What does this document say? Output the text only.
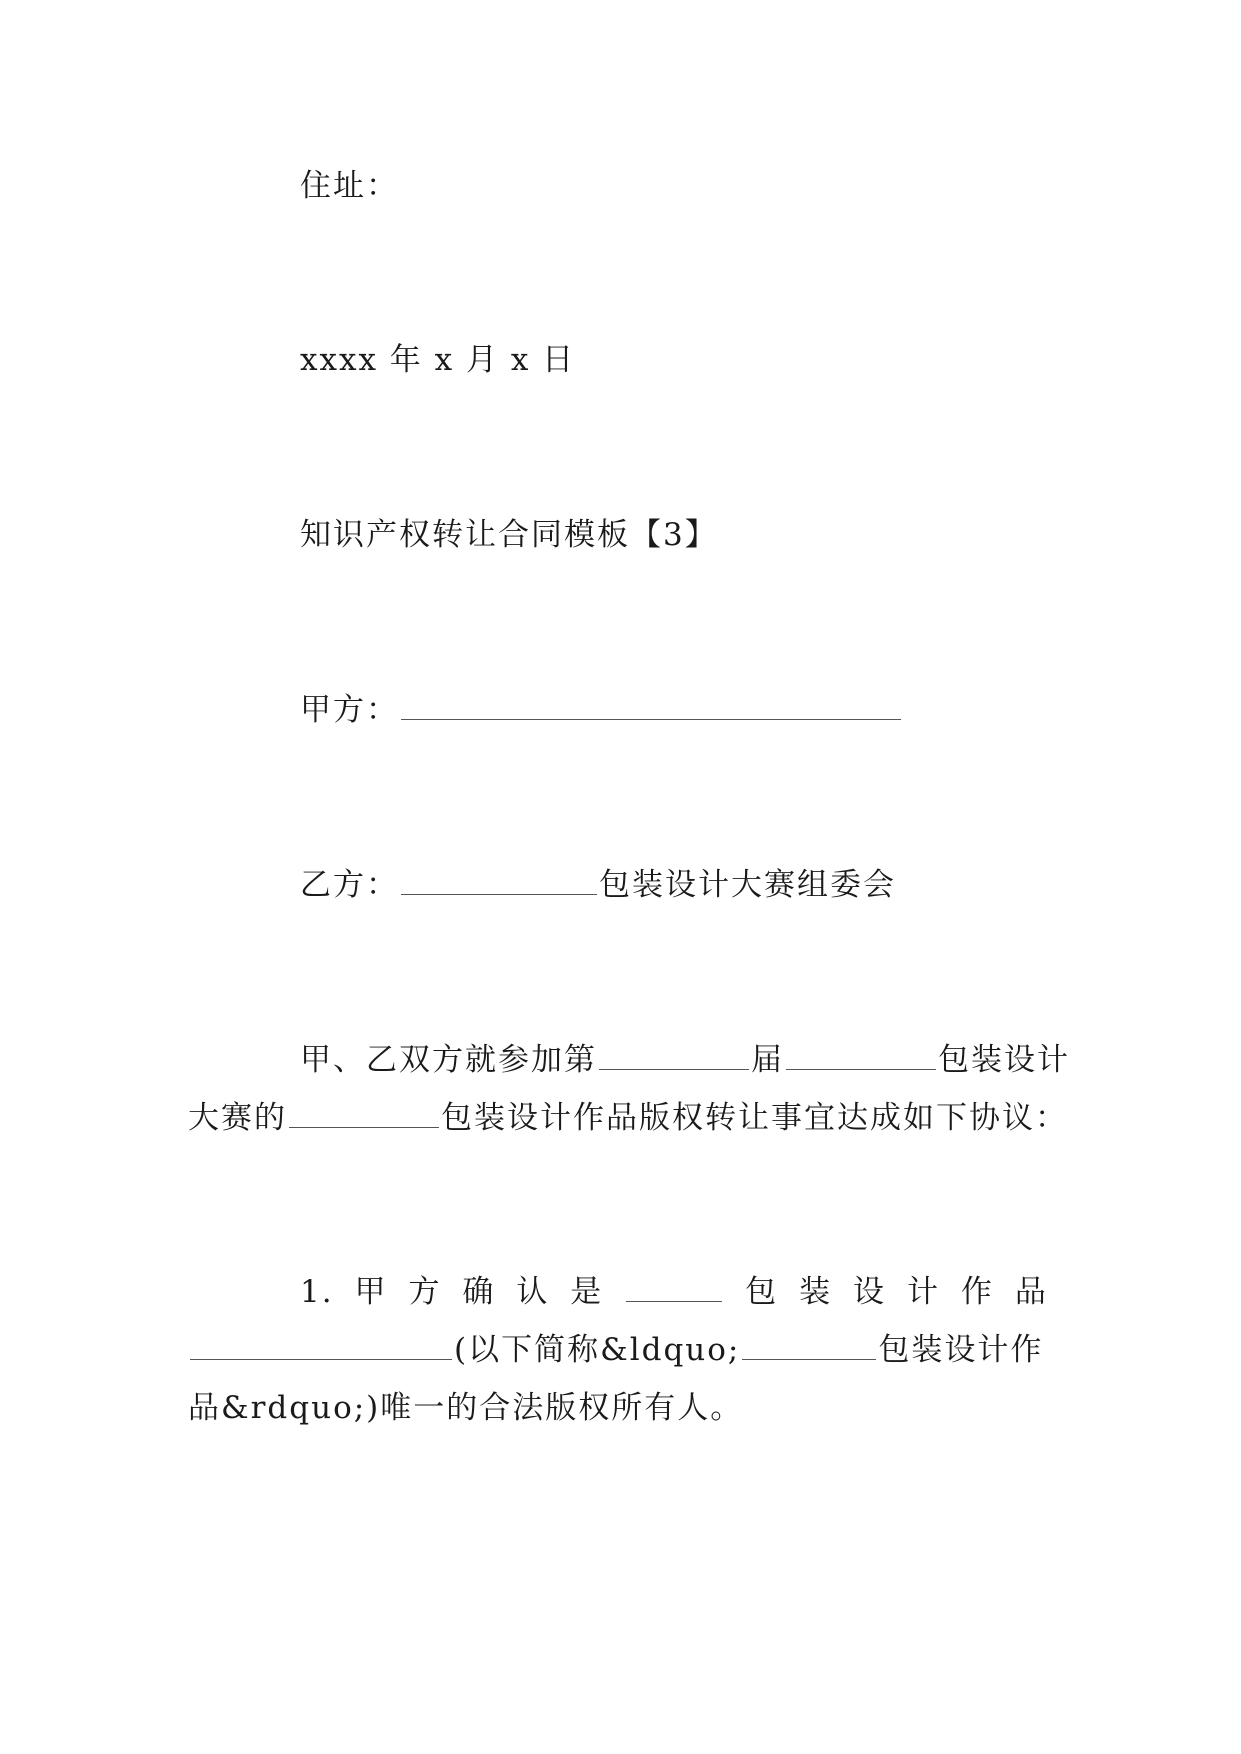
住址：
xxxx 年 x 月 x 日
知识产权转让合同模板【3】
甲方：
乙方：	包装设计大赛组委会
甲、乙双方就参加第	届	包装设计
大赛的	包装设计作品版权转让事宜达成如下协议：
1. 甲 方 确 认 是	包 装 设 计 作 品
(以下简称&ldquo;	包装设计作
品&rdquo;)唯一的合法版权所有人。
